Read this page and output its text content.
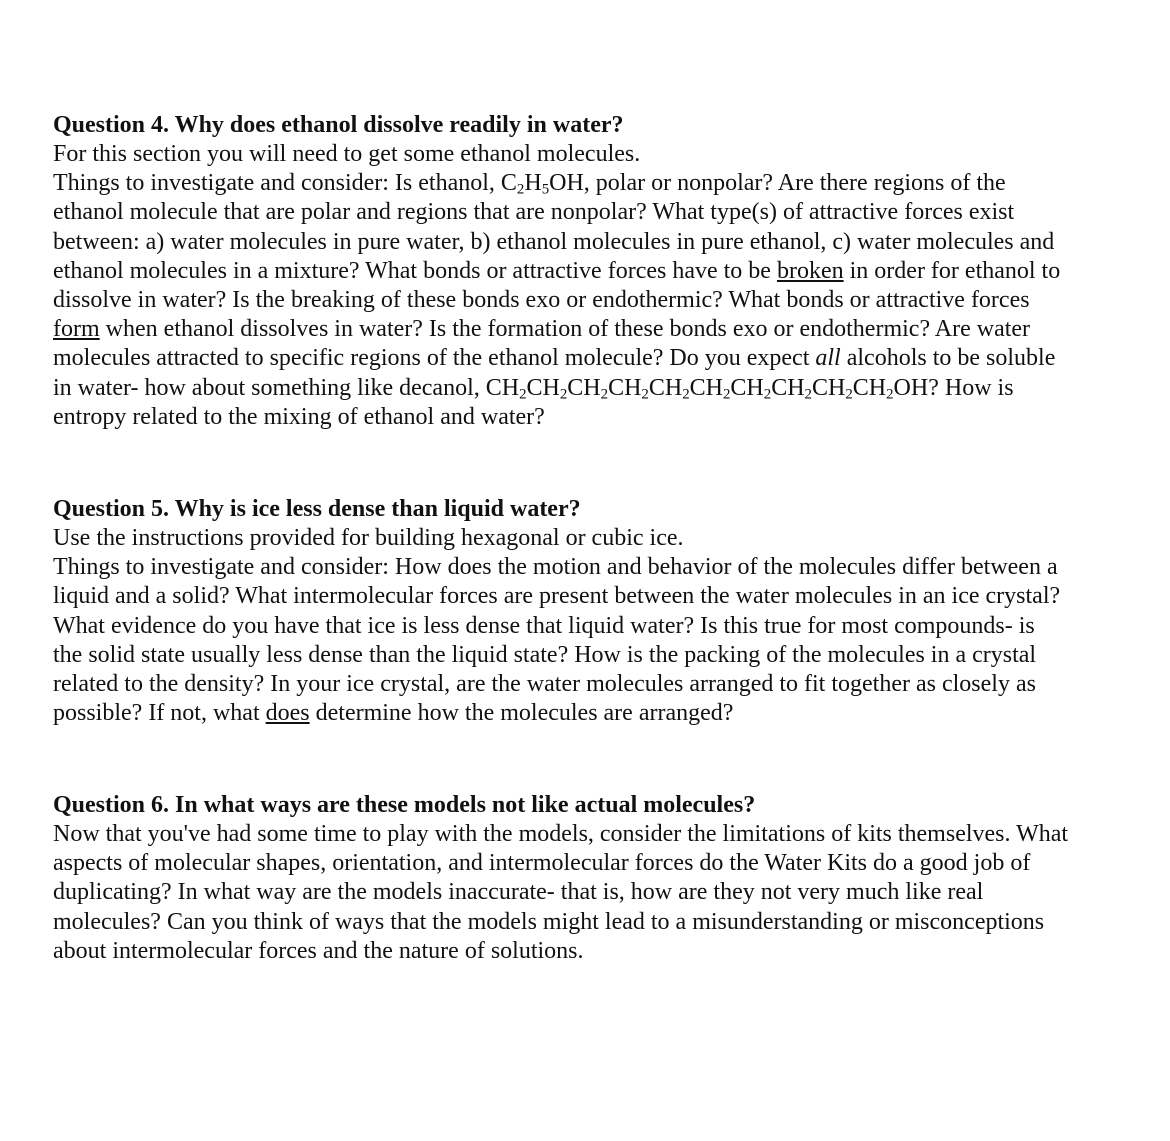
Question 4. Why does ethanol dissolve readily in water?

For this section you will need to get some ethanol molecules.

Things to investigate and consider: Is ethanol, $C_2H_5OH$, polar or nonpolar? Are there regions of the

ethanol molecule that are polar and regions that are nonpolar? What type(s) of attractive forces exist

between: a) water molecules in pure water, b) ethanol molecules in pure ethanol, c) water molecules and

ethanol molecules in a mixture? What bonds or attractive forces have to be broken in order for ethanol to

dissolve in water? Is the breaking of these bonds exo or endothermic? What bonds or attractive forces

form when ethanol dissolves in water? Is the formation of these bonds exo or endothermic? Are water

molecules attracted to specific regions of the ethanol molecule? Do you expect all alcohols to be soluble

in water- how about something like decanol, $CH_2CH_2CH_2CH_2CH_2CH_2CH_2CH_2CH_2CH_2OH$? How is

entropy related to the mixing of ethanol and water?

Question 5. Why is ice less dense than liquid water?

Use the instructions provided for building hexagonal or cubic ice.

Things to investigate and consider: How does the motion and behavior of the molecules differ between a

liquid and a solid? What intermolecular forces are present between the water molecules in an ice crystal?

What evidence do you have that ice is less dense that liquid water? Is this true for most compounds- is

the solid state usually less dense than the liquid state? How is the packing of the molecules in a crystal

related to the density? In your ice crystal, are the water molecules arranged to fit together as closely as

possible? If not, what does determine how the molecules are arranged?

Question 6. In what ways are these models not like actual molecules?

Now that you've had some time to play with the models, consider the limitations of kits themselves. What

aspects of molecular shapes, orientation, and intermolecular forces do the Water Kits do a good job of

duplicating? In what way are the models inaccurate- that is, how are they not very much like real

molecules? Can you think of ways that the models might lead to a misunderstanding or misconceptions

about intermolecular forces and the nature of solutions.
